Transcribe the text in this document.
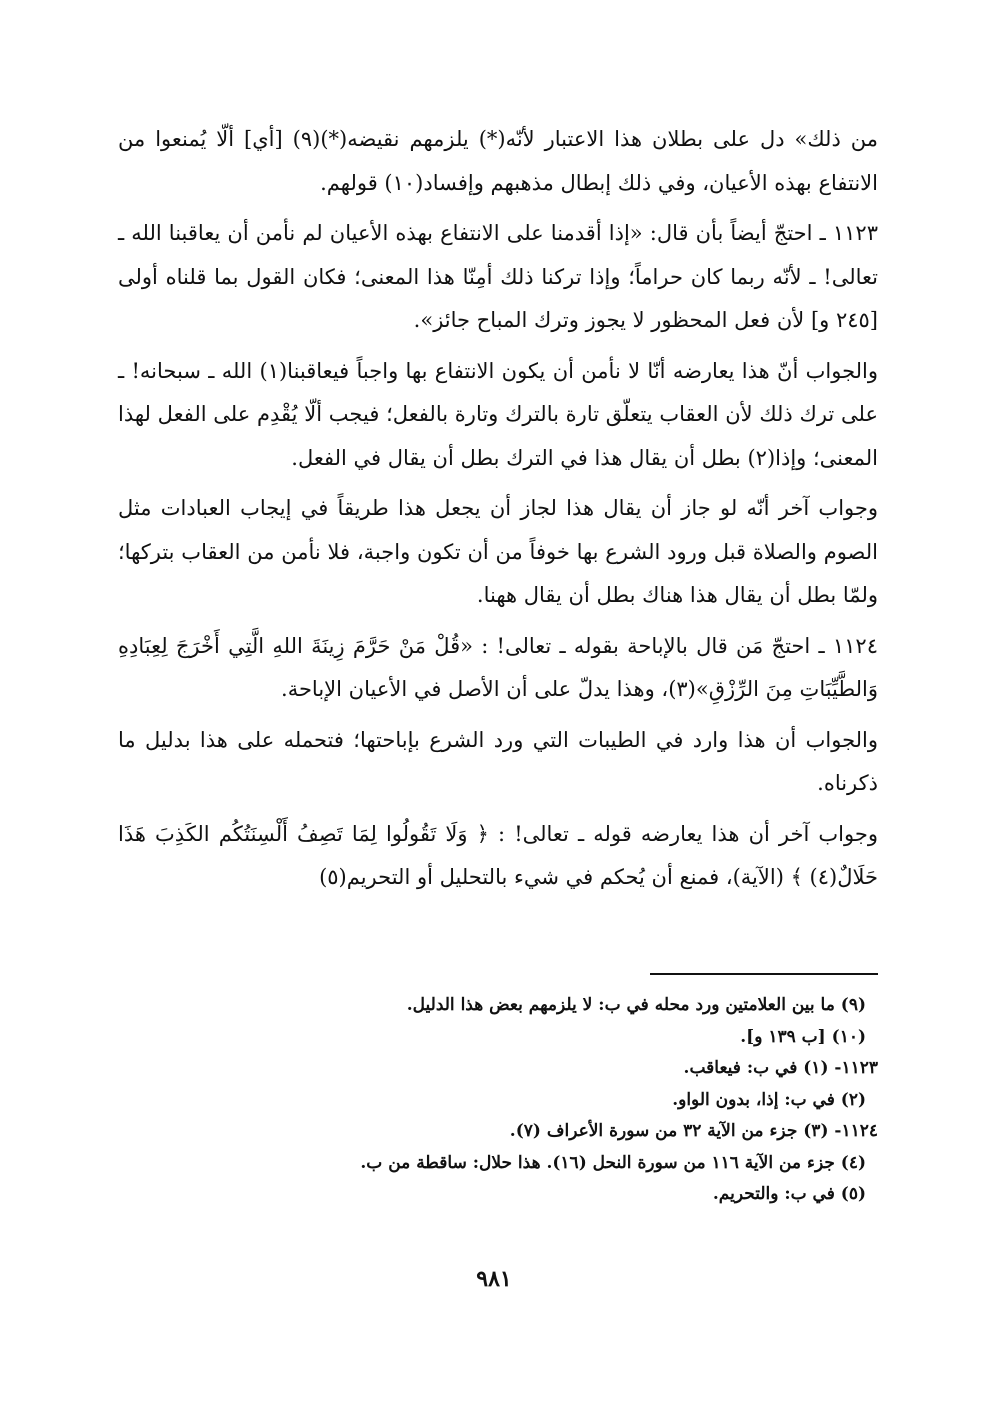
من ذلك» دل على بطلان هذا الاعتبار لأنّه(*) يلزمهم نقيضه(*)(٩) [أي] ألّا يُمنعوا من الانتفاع بهذه الأعيان، وفي ذلك إبطال مذهبهم وإفساد(١٠) قولهم.

١١٢٣ ـ احتجّ أيضاً بأن قال: «إذا أقدمنا على الانتفاع بهذه الأعيان لم نأمن أن يعاقبنا الله ـ تعالى! ـ لأنّه ربما كان حراماً؛ وإذا تركنا ذلك أمِنّا هذا المعنى؛ فكان القول بما قلناه أولى [٢٤٥ و] لأن فعل المحظور لا يجوز وترك المباح جائز».

والجواب أنّ هذا يعارضه أنّا لا نأمن أن يكون الانتفاع بها واجباً فيعاقبنا(١) الله ـ سبحانه! ـ على ترك ذلك لأن العقاب يتعلّق تارة بالترك وتارة بالفعل؛ فيجب ألّا يُقْدِم على الفعل لهذا المعنى؛ وإذا(٢) بطل أن يقال هذا في الترك بطل أن يقال في الفعل.

وجواب آخر أنّه لو جاز أن يقال هذا لجاز أن يجعل هذا طريقاً في إيجاب العبادات مثل الصوم والصلاة قبل ورود الشرع بها خوفاً من أن تكون واجبة، فلا نأمن من العقاب بتركها؛ ولمّا بطل أن يقال هذا هناك بطل أن يقال ههنا.

١١٢٤ ـ احتجّ مَن قال بالإباحة بقوله ـ تعالى! : «قُلْ مَنْ حَرَّمَ زِينَةَ اللهِ الَّتِي أَخْرَجَ لِعِبَادِهِ وَالطَّيِّبَاتِ مِنَ الرِّزْقِ»(٣)، وهذا يدلّ على أن الأصل في الأعيان الإباحة.

والجواب أن هذا وارد في الطيبات التي ورد الشرع بإباحتها؛ فتحمله على هذا بدليل ما ذكرناه.

وجواب آخر أن هذا يعارضه قوله ـ تعالى! : ﴿ وَلَا تَقُولُوا لِمَا تَصِفُ أَلْسِنَتُكُم الكَذِبَ هَذَا حَلَالٌ(٤) ﴾ (الآية)، فمنع أن يُحكم في شيء بالتحليل أو التحريم(٥)

(٩) ما بين العلامتين ورد محله في ب: لا يلزمهم بعض هذا الدليل.
(١٠) [ب ١٣٩ و].
١١٢٣- (١) في ب: فيعاقب.
(٢) في ب: إذا، بدون الواو.
١١٢٤- (٣) جزء من الآية ٣٢ من سورة الأعراف (٧).
(٤) جزء من الآية ١١٦ من سورة النحل (١٦). هذا حلال: ساقطة من ب.
(٥) في ب: والتحريم.
٩٨١
